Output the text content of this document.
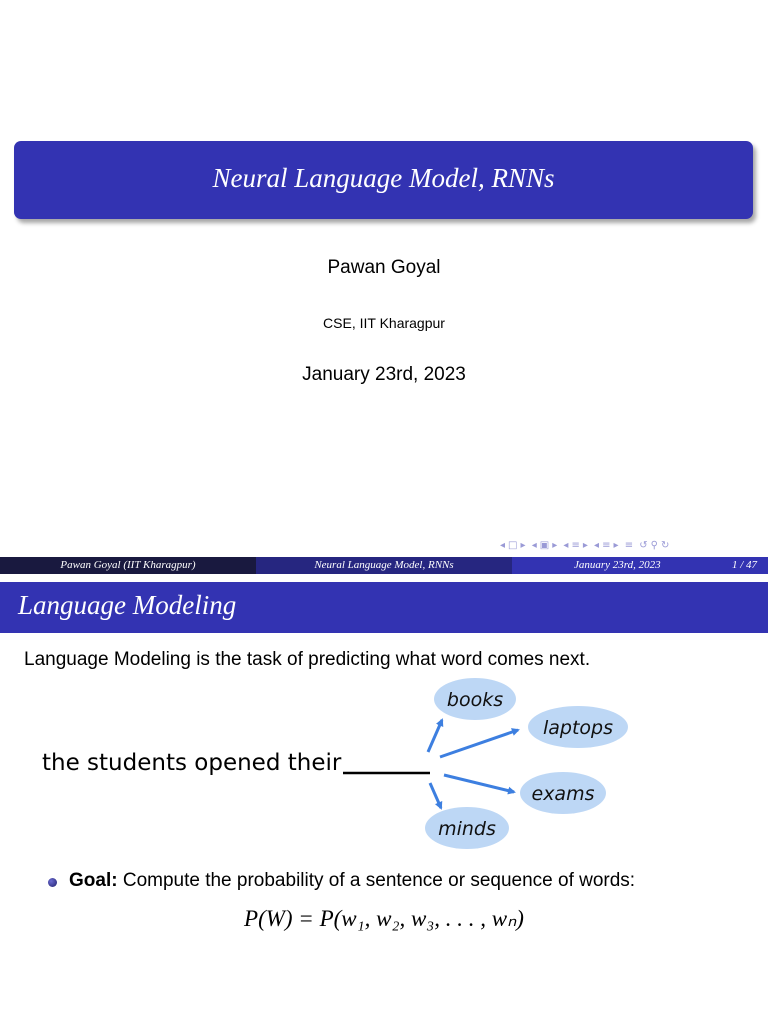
Neural Language Model, RNNs
Pawan Goyal
CSE, IIT Kharagpur
January 23rd, 2023
◂ □ ▸ ◂ ▣ ▸ ◂ ≡ ▸ ◂ ≡ ▸ ≡ ↺ ⚲ ↻
Pawan Goyal (IIT Kharagpur)	Neural Language Model, RNNs	January 23rd, 2023	1 / 47
Language Modeling
Language Modeling is the task of predicting what word comes next.
the students opened their
books
laptops
exams
minds
Goal: Compute the probability of a sentence or sequence of words:
P(W) = P(w₁, w₂, w₃, . . . , wₙ)
